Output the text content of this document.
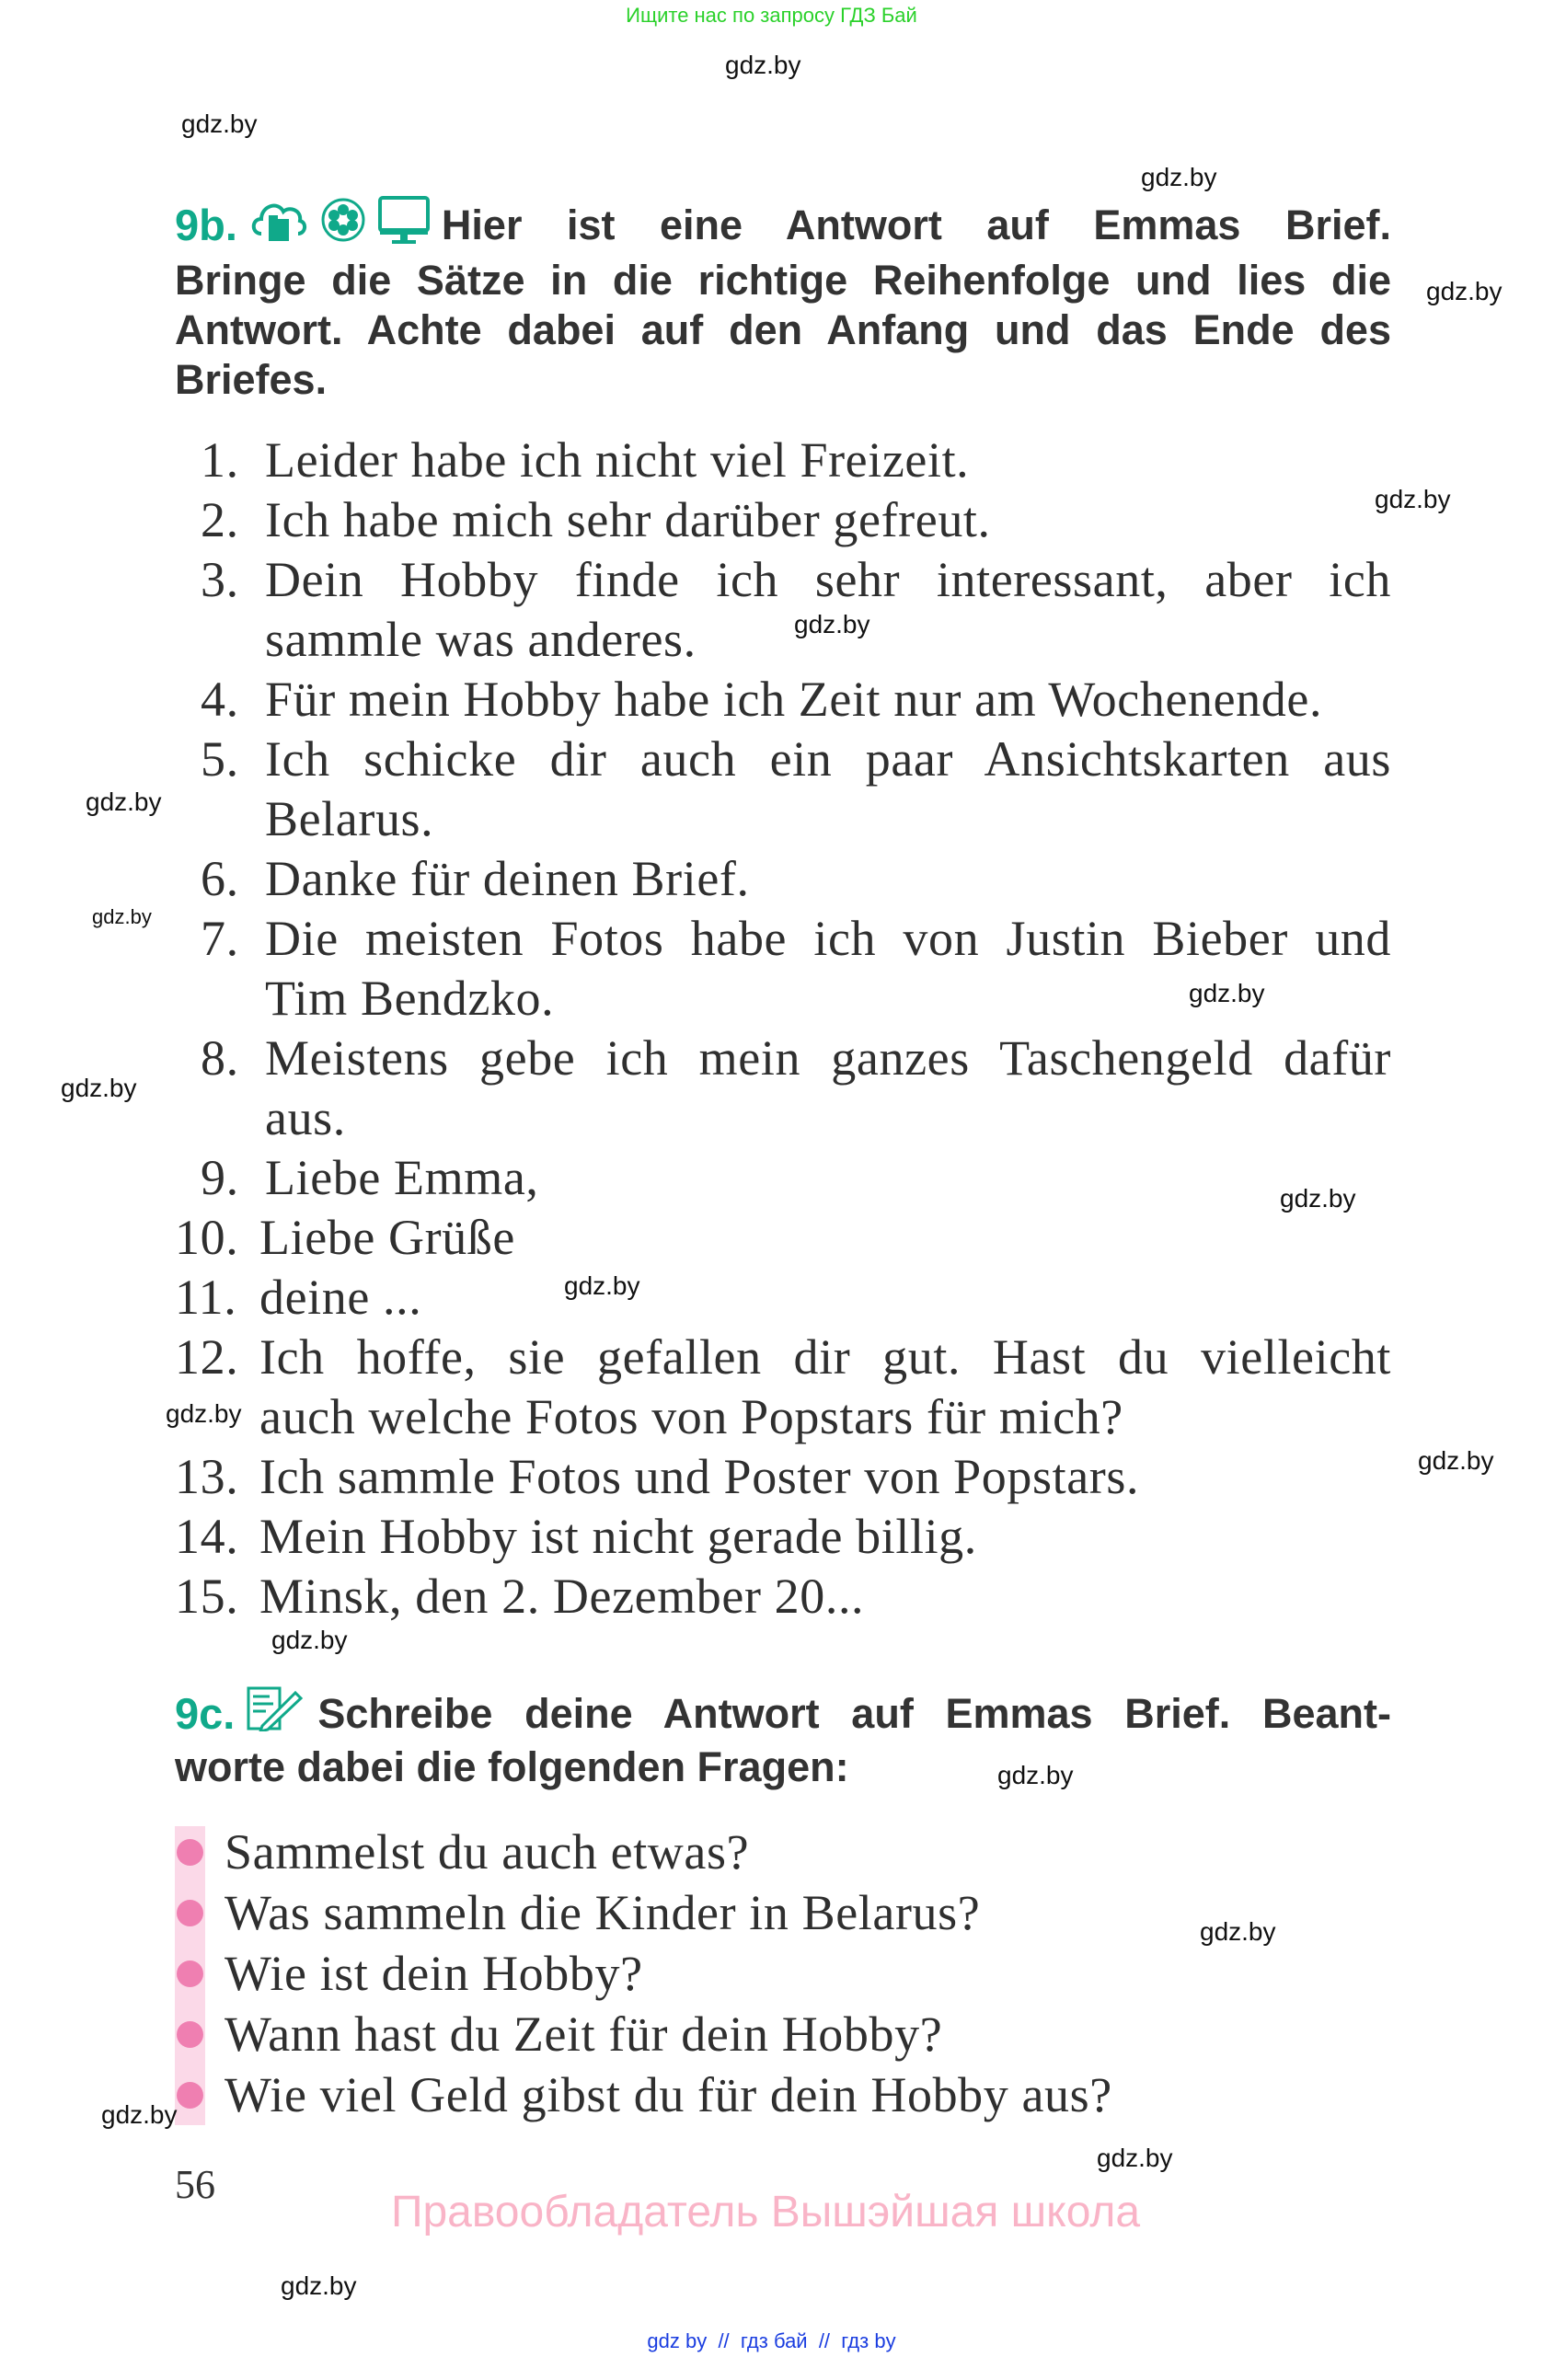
Ищите нас по запросу ГДЗ Бай
gdz.by
gdz.by
gdz.by
gdz.by
gdz.by
gdz.by
gdz.by
gdz.by
gdz.by
gdz.by
gdz.by
gdz.by
gdz.by
gdz.by
gdz.by
gdz.by
gdz.by
gdz.by
gdz.by
gdz.by
9b.	Hier ist eine Antwort auf Emmas Brief.
Bringe die Sätze in die richtige Reihenfolge und lies die
Antwort. Achte dabei auf den Anfang und das Ende des
Briefes.
1. Leider habe ich nicht viel Freizeit.
2. Ich habe mich sehr darüber gefreut.
3. Dein Hobby finde ich sehr interessant, aber ich
sammle was anderes.
4. Für mein Hobby habe ich Zeit nur am Wochenende.
5. Ich schicke dir auch ein paar Ansichtskarten aus
Belarus.
6. Danke für deinen Brief.
7. Die meisten Fotos habe ich von Justin Bieber und
Tim Bendzko.
8. Meistens gebe ich mein ganzes Taschengeld dafür
aus.
9. Liebe Emma,
10. Liebe Grüße
11. deine ...
12. Ich hoffe, sie gefallen dir gut. Hast du vielleicht
auch welche Fotos von Popstars für mich?
13. Ich sammle Fotos und Poster von Popstars.
14. Mein Hobby ist nicht gerade billig.
15. Minsk, den 2. Dezember 20...
9c. Schreibe deine Antwort auf Emmas Brief. Beant-
worte dabei die folgenden Fragen:
Sammelst du auch etwas?
Was sammeln die Kinder in Belarus?
Wie ist dein Hobby?
Wann hast du Zeit für dein Hobby?
Wie viel Geld gibst du für dein Hobby aus?
56
Правообладатель Вышэйшая школа
gdz by  //  гдз бай  //  гдз by
